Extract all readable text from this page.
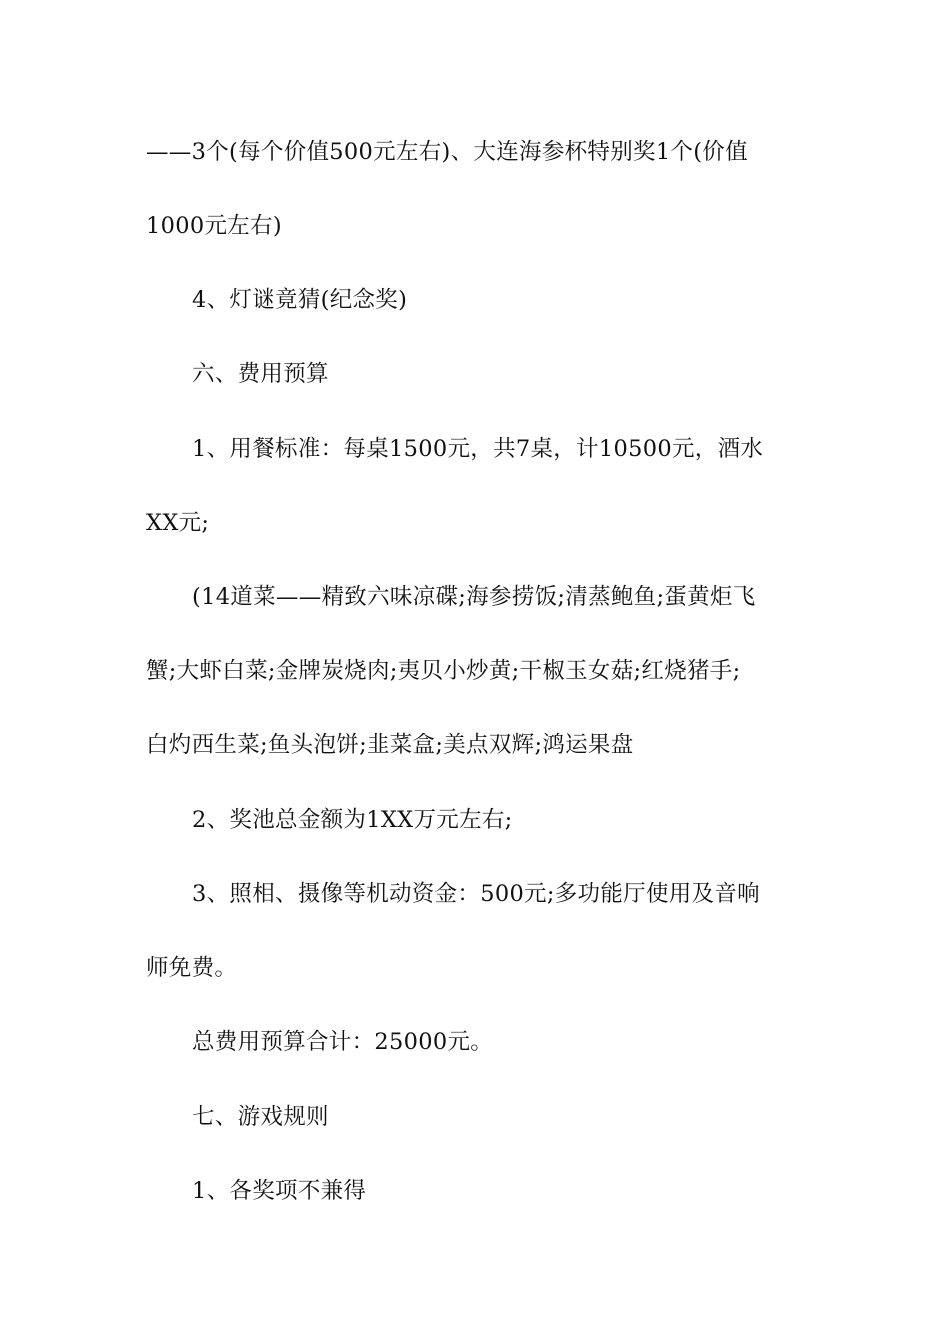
——3个(每个价值500元左右)、大连海参杯特别奖1个(价值
1000元左右)
4、灯谜竟猜(纪念奖)
六、费用预算
1、用餐标准：每桌1500元，共7桌，计10500元，酒水
XX元;
(14道菜——精致六味凉碟;海参捞饭;清蒸鲍鱼;蛋黄炬飞
蟹;大虾白菜;金牌炭烧肉;夷贝小炒黄;干椒玉女菇;红烧猪手;
白灼西生菜;鱼头泡饼;韭菜盒;美点双辉;鸿运果盘
2、奖池总金额为1XX万元左右;
3、照相、摄像等机动资金：500元;多功能厅使用及音响
师免费。
总费用预算合计：25000元。
七、游戏规则
1、各奖项不兼得
